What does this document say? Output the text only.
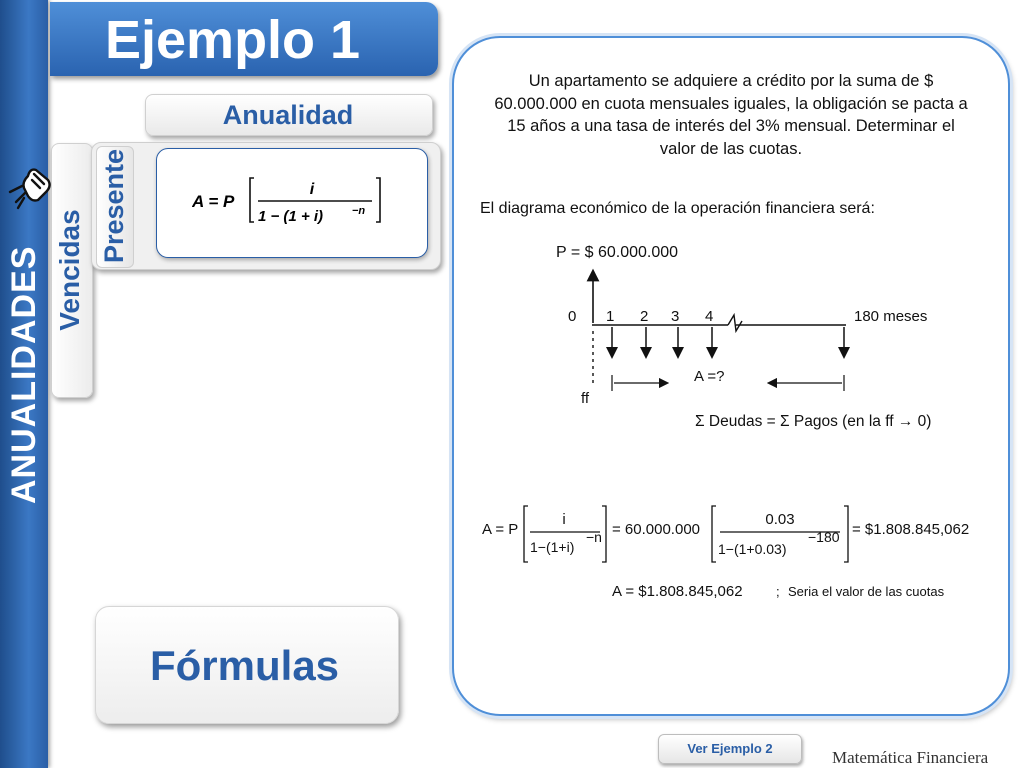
ANUALIDADES
Ejemplo 1
Anualidad
Vencidas
Presente	A = P
i
1 − (1 + i)	−n
Fórmulas
Un apartamento se adquiere a crédito por la suma de $ 60.000.000 en cuota mensuales iguales, la obligación se pacta a 15 años a una tasa de interés del 3% mensual. Determinar el valor de las cuotas.
El diagrama económico de la operación financiera será:
P = $ 60.000.000
0 1 2 3 4	180 meses
A =?
ff
Σ Deudas = Σ Pagos (en la ff → 0)
A = P
i
1−(1+i)
−n = 60.000.000
0.03
1−(1+0.03)
−180 = $1.808.845,062
A = $1.808.845,062	; Seria el valor de las cuotas
Ver Ejemplo 2	Matemática Financiera
